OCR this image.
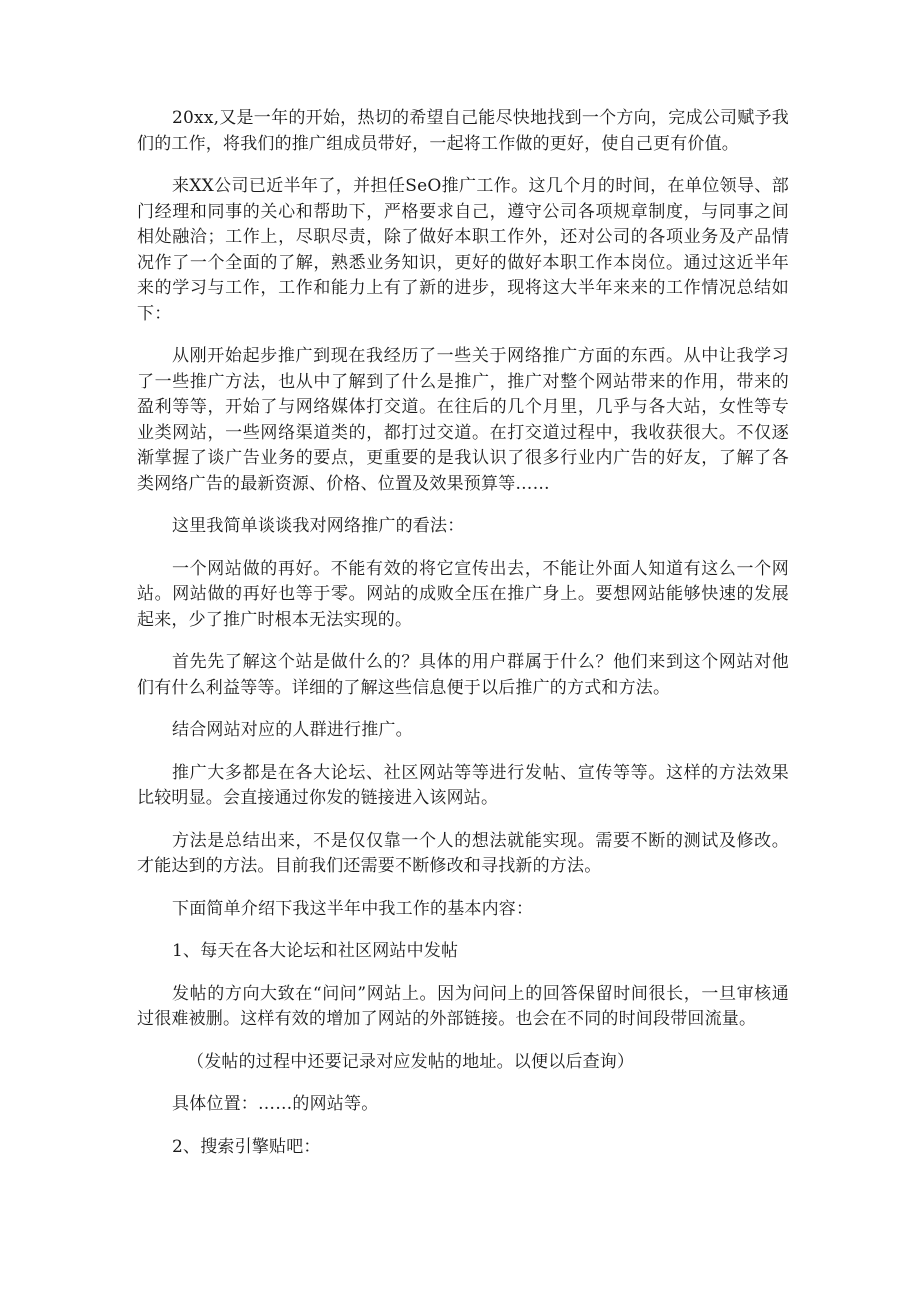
20xx,又是一年的开始，热切的希望自己能尽快地找到一个方向，完成公司赋予我们的工作，将我们的推广组成员带好，一起将工作做的更好，使自己更有价值。

来XX公司已近半年了，并担任SeO推广工作。这几个月的时间，在单位领导、部门经理和同事的关心和帮助下，严格要求自己，遵守公司各项规章制度，与同事之间相处融洽；工作上，尽职尽责，除了做好本职工作外，还对公司的各项业务及产品情况作了一个全面的了解，熟悉业务知识，更好的做好本职工作本岗位。通过这近半年来的学习与工作，工作和能力上有了新的进步，现将这大半年来来的工作情况总结如下：

从刚开始起步推广到现在我经历了一些关于网络推广方面的东西。从中让我学习了一些推广方法，也从中了解到了什么是推广，推广对整个网站带来的作用，带来的盈利等等，开始了与网络媒体打交道。在往后的几个月里，几乎与各大站，女性等专业类网站，一些网络渠道类的，都打过交道。在打交道过程中，我收获很大。不仅逐渐掌握了谈广告业务的要点，更重要的是我认识了很多行业内广告的好友，了解了各类网络广告的最新资源、价格、位置及效果预算等……

这里我简单谈谈我对网络推广的看法：

一个网站做的再好。不能有效的将它宣传出去，不能让外面人知道有这么一个网站。网站做的再好也等于零。网站的成败全压在推广身上。要想网站能够快速的发展起来，少了推广时根本无法实现的。

首先先了解这个站是做什么的？具体的用户群属于什么？他们来到这个网站对他们有什么利益等等。详细的了解这些信息便于以后推广的方式和方法。

结合网站对应的人群进行推广。

推广大多都是在各大论坛、社区网站等等进行发帖、宣传等等。这样的方法效果比较明显。会直接通过你发的链接进入该网站。

方法是总结出来，不是仅仅靠一个人的想法就能实现。需要不断的测试及修改。才能达到的方法。目前我们还需要不断修改和寻找新的方法。

下面简单介绍下我这半年中我工作的基本内容：

1、每天在各大论坛和社区网站中发帖

发帖的方向大致在“问问”网站上。因为问问上的回答保留时间很长，一旦审核通过很难被删。这样有效的增加了网站的外部链接。也会在不同的时间段带回流量。

（发帖的过程中还要记录对应发帖的地址。以便以后查询）

具体位置：……的网站等。

2、搜索引擎贴吧：
